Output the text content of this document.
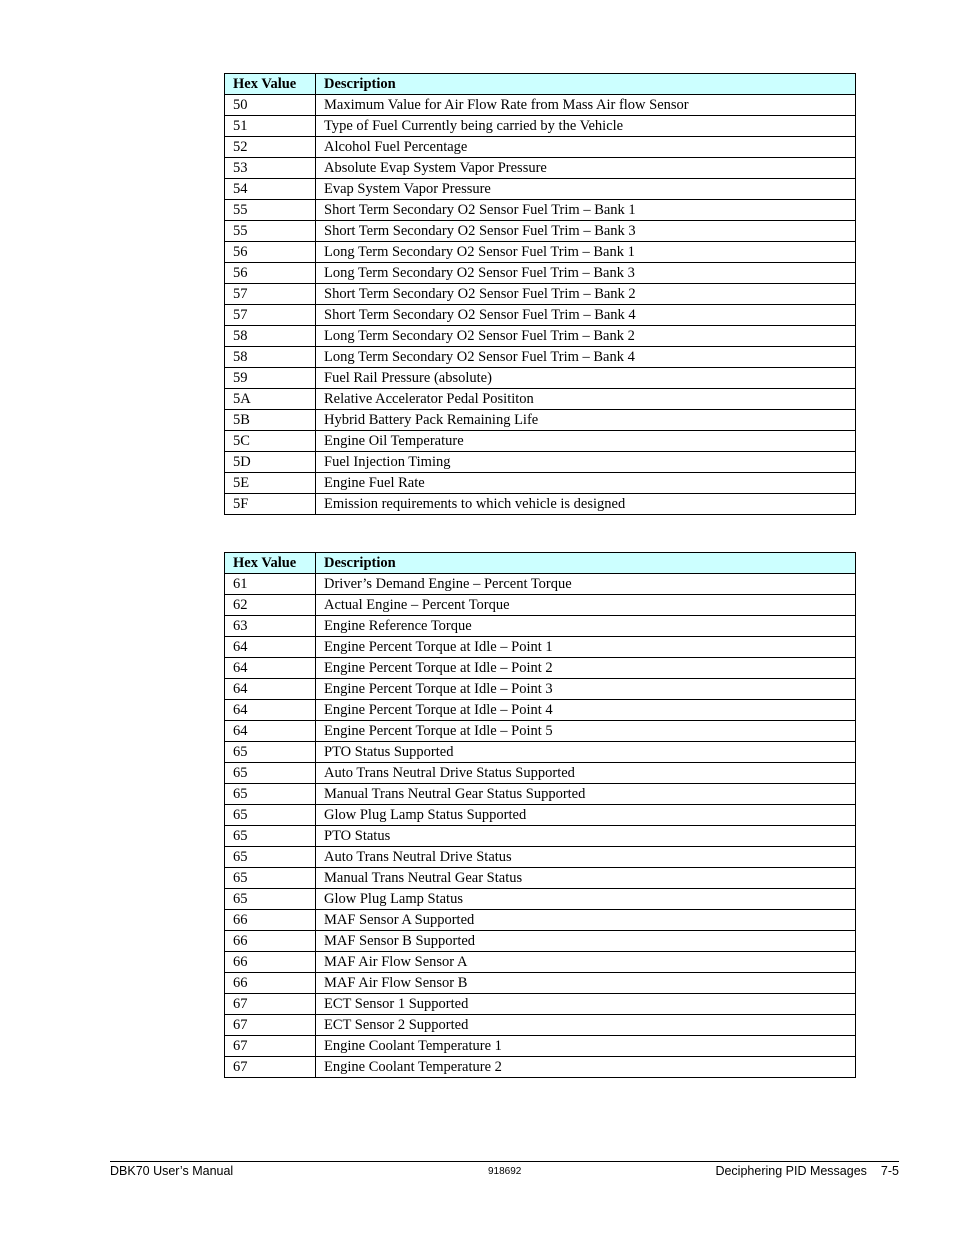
Hex Value	Description
50	Maximum Value for Air Flow Rate from Mass Air flow Sensor
51	Type of Fuel Currently being carried by the Vehicle
52	Alcohol Fuel Percentage
53	Absolute Evap System Vapor Pressure
54	Evap System Vapor Pressure
55	Short Term Secondary O2 Sensor Fuel Trim – Bank 1
55	Short Term Secondary O2 Sensor Fuel Trim – Bank 3
56	Long Term Secondary O2 Sensor Fuel Trim – Bank 1
56	Long Term Secondary O2 Sensor Fuel Trim – Bank 3
57	Short Term Secondary O2 Sensor Fuel Trim – Bank 2
57	Short Term Secondary O2 Sensor Fuel Trim – Bank 4
58	Long Term Secondary O2 Sensor Fuel Trim – Bank 2
58	Long Term Secondary O2 Sensor Fuel Trim – Bank 4
59	Fuel Rail Pressure (absolute)
5A	Relative Accelerator Pedal Posititon
5B	Hybrid Battery Pack Remaining Life
5C	Engine Oil Temperature
5D	Fuel Injection Timing
5E	Engine Fuel Rate
5F	Emission requirements to which vehicle is designed
Hex Value	Description
61	Driver’s Demand Engine – Percent Torque
62	Actual Engine – Percent Torque
63	Engine Reference Torque
64	Engine Percent Torque at Idle – Point 1
64	Engine Percent Torque at Idle – Point 2
64	Engine Percent Torque at Idle – Point 3
64	Engine Percent Torque at Idle – Point 4
64	Engine Percent Torque at Idle – Point 5
65	PTO Status Supported
65	Auto Trans Neutral Drive Status Supported
65	Manual Trans Neutral Gear Status Supported
65	Glow Plug Lamp Status Supported
65	PTO Status
65	Auto Trans Neutral Drive Status
65	Manual Trans Neutral Gear Status
65	Glow Plug Lamp Status
66	MAF Sensor A Supported
66	MAF Sensor B Supported
66	MAF Air Flow Sensor A
66	MAF Air Flow Sensor B
67	ECT Sensor 1 Supported
67	ECT Sensor 2 Supported
67	Engine Coolant Temperature 1
67	Engine Coolant Temperature 2
DBK70 User’s Manual	918692	Deciphering PID Messages 7-5
